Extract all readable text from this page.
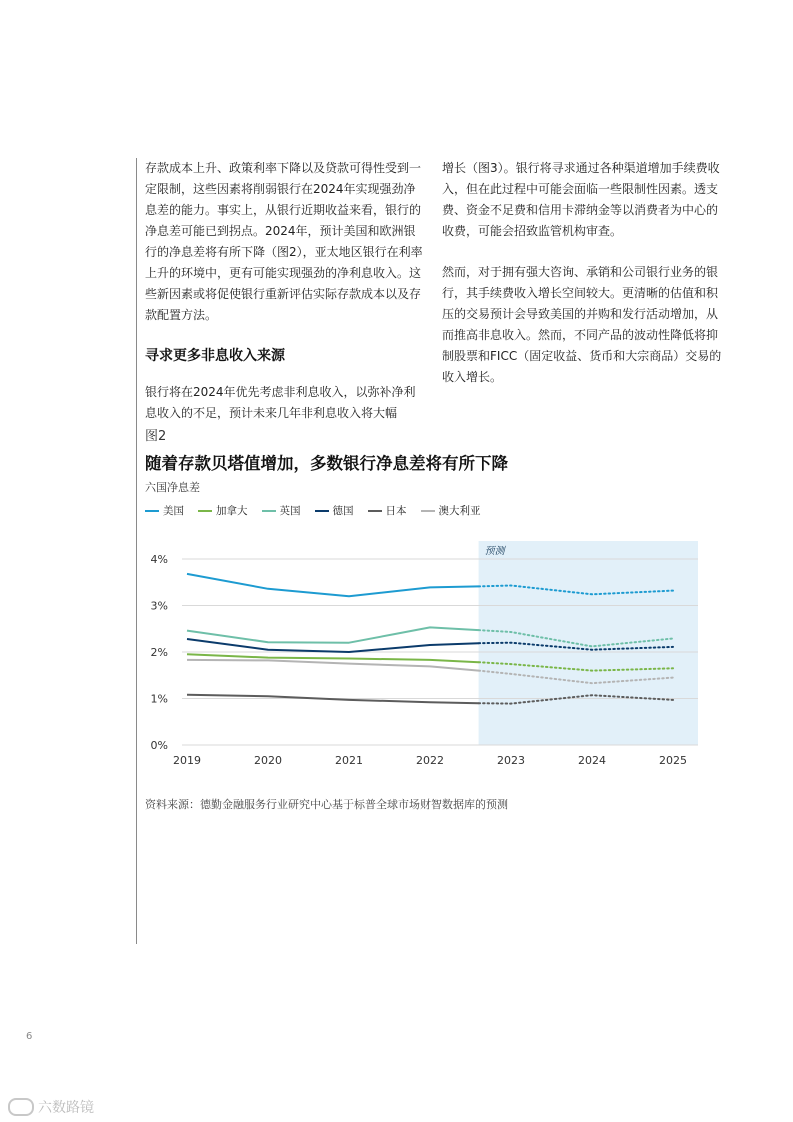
存款成本上升、政策利率下降以及贷款可得性受到一定限制，这些因素将削弱银行在2024年实现强劲净息差的能力。事实上，从银行近期收益来看，银行的净息差可能已到拐点。2024年，预计美国和欧洲银行的净息差将有所下降（图2），亚太地区银行在利率上升的环境中，更有可能实现强劲的净利息收入。这些新因素或将促使银行重新评估实际存款成本以及存款配置方法。

寻求更多非息收入来源

银行将在2024年优先考虑非利息收入，以弥补净利息收入的不足，预计未来几年非利息收入将大幅

增长（图3）。银行将寻求通过各种渠道增加手续费收入，但在此过程中可能会面临一些限制性因素。透支费、资金不足费和信用卡滞纳金等以消费者为中心的收费，可能会招致监管机构审查。

然而，对于拥有强大咨询、承销和公司银行业务的银行，其手续费收入增长空间较大。更清晰的估值和积压的交易预计会导致美国的并购和发行活动增加，从而推高非息收入。然而，不同产品的波动性降低将抑制股票和FICC（固定收益、货币和大宗商品）交易的收入增长。

图2
随着存款贝塔值增加，多数银行净息差将有所下降
六国净息差
美国	加拿大	英国	德国	日本	澳大利亚
预测
0%
1%
2%
3%
4%
2019	2020	2021	2022	2023	2024	2025
资料来源：德勤金融服务行业研究中心基于标普全球市场财智数据库的预测
6
六数路镜
